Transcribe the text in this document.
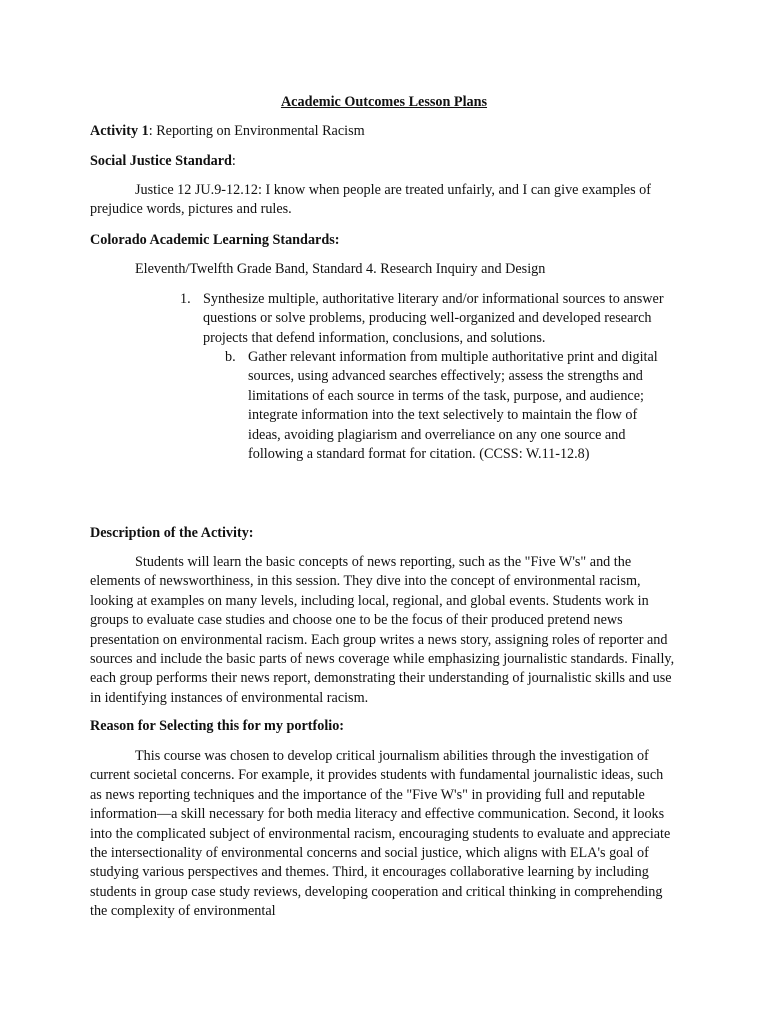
Academic Outcomes Lesson Plans

Activity 1: Reporting on Environmental Racism

Social Justice Standard:

Justice 12 JU.9-12.12: I know when people are treated unfairly, and I can give examples of prejudice words, pictures and rules.

Colorado Academic Learning Standards:

Eleventh/Twelfth Grade Band, Standard 4. Research Inquiry and Design

1. Synthesize multiple, authoritative literary and/or informational sources to answer questions or solve problems, producing well-organized and developed research projects that defend information, conclusions, and solutions.

b. Gather relevant information from multiple authoritative print and digital sources, using advanced searches effectively; assess the strengths and limitations of each source in terms of the task, purpose, and audience; integrate information into the text selectively to maintain the flow of ideas, avoiding plagiarism and overreliance on any one source and following a standard format for citation. (CCSS: W.11-12.8)

Description of the Activity:

Students will learn the basic concepts of news reporting, such as the "Five W's" and the elements of newsworthiness, in this session. They dive into the concept of environmental racism, looking at examples on many levels, including local, regional, and global events. Students work in groups to evaluate case studies and choose one to be the focus of their produced pretend news presentation on environmental racism. Each group writes a news story, assigning roles of reporter and sources and include the basic parts of news coverage while emphasizing journalistic standards. Finally, each group performs their news report, demonstrating their understanding of journalistic skills and use in identifying instances of environmental racism.

Reason for Selecting this for my portfolio:

This course was chosen to develop critical journalism abilities through the investigation of current societal concerns. For example, it provides students with fundamental journalistic ideas, such as news reporting techniques and the importance of the "Five W's" in providing full and reputable information—a skill necessary for both media literacy and effective communication. Second, it looks into the complicated subject of environmental racism, encouraging students to evaluate and appreciate the intersectionality of environmental concerns and social justice, which aligns with ELA's goal of studying various perspectives and themes. Third, it encourages collaborative learning by including students in group case study reviews, developing cooperation and critical thinking in comprehending the complexity of environmental
